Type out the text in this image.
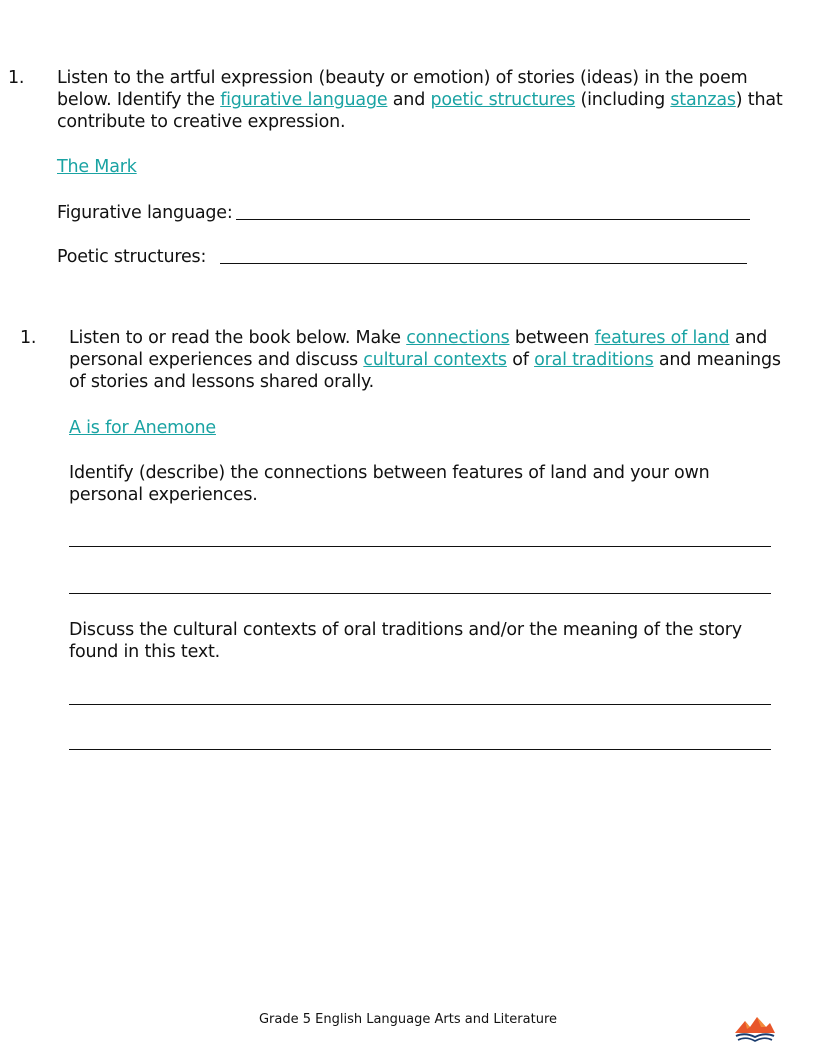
1. Listen to the artful expression (beauty or emotion) of stories (ideas) in the poem below. Identify the figurative language and poetic structures (including stanzas) that contribute to creative expression.
The Mark
Figurative language:
Poetic structures:
1. Listen to or read the book below. Make connections between features of land and personal experiences and discuss cultural contexts of oral traditions and meanings of stories and lessons shared orally.
A is for Anemone
Identify (describe) the connections between features of land and your own personal experiences.
Discuss the cultural contexts of oral traditions and/or the meaning of the story found in this text.
Grade 5 English Language Arts and Literature
